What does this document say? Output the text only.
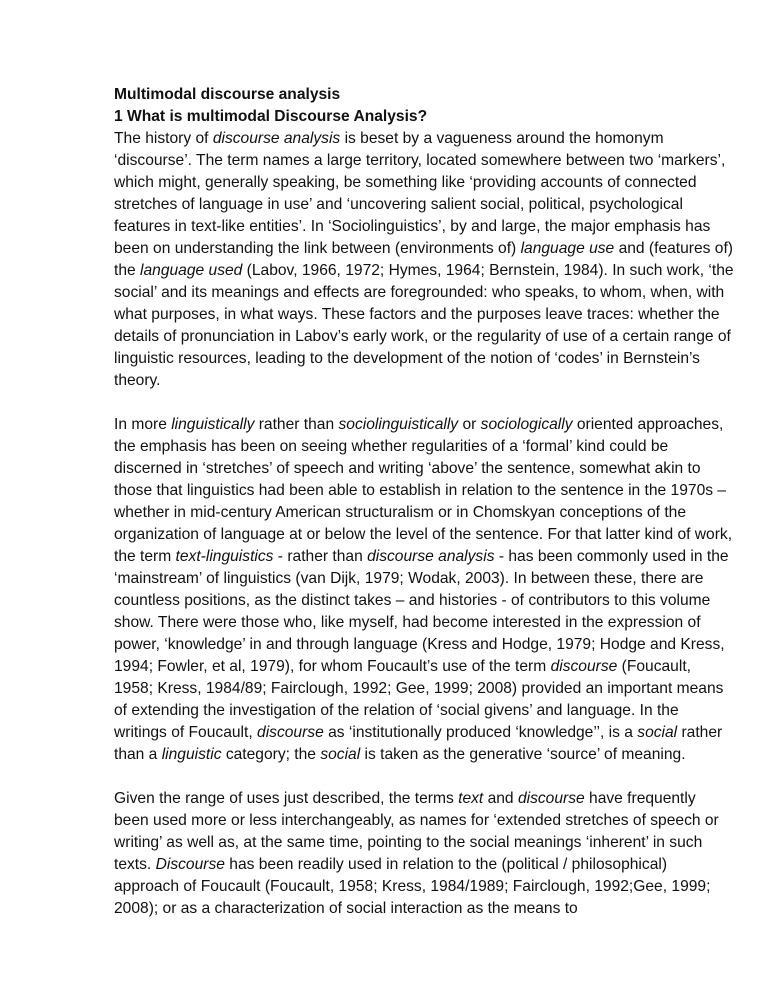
Multimodal discourse analysis
1 What is multimodal Discourse Analysis?

The history of discourse analysis is beset by a vagueness around the homonym ‘discourse’. The term names a large territory, located somewhere between two ‘markers’, which might, generally speaking, be something like ‘providing accounts of connected stretches of language in use’ and ‘uncovering salient social, political, psychological features in text-like entities’. In ‘Sociolinguistics’, by and large, the major emphasis has been on understanding the link between (environments of) language use and (features of) the language used (Labov, 1966, 1972; Hymes, 1964; Bernstein, 1984). In such work, ‘the social’ and its meanings and effects are foregrounded: who speaks, to whom, when, with what purposes, in what ways. These factors and the purposes leave traces: whether the details of pronunciation in Labov’s early work, or the regularity of use of a certain range of linguistic resources, leading to the development of the notion of ‘codes’ in Bernstein’s theory.

In more linguistically rather than sociolinguistically or sociologically oriented approaches, the emphasis has been on seeing whether regularities of a ‘formal’ kind could be discerned in ‘stretches’ of speech and writing ‘above’ the sentence, somewhat akin to those that linguistics had been able to establish in relation to the sentence in the 1970s – whether in mid-century American structuralism or in Chomskyan conceptions of the organization of language at or below the level of the sentence. For that latter kind of work, the term text-linguistics - rather than discourse analysis - has been commonly used in the ‘mainstream’ of linguistics (van Dijk, 1979; Wodak, 2003). In between these, there are countless positions, as the distinct takes – and histories - of contributors to this volume show. There were those who, like myself, had become interested in the expression of power, ‘knowledge’ in and through language (Kress and Hodge, 1979; Hodge and Kress, 1994; Fowler, et al, 1979), for whom Foucault’s use of the term discourse (Foucault, 1958; Kress, 1984/89; Fairclough, 1992; Gee, 1999; 2008) provided an important means of extending the investigation of the relation of ‘social givens’ and language. In the writings of Foucault, discourse as ‘institutionally produced ‘knowledge’’, is a social rather than a linguistic category; the social is taken as the generative ‘source’ of meaning.

Given the range of uses just described, the terms text and discourse have frequently been used more or less interchangeably, as names for ‘extended stretches of speech or writing’ as well as, at the same time, pointing to the social meanings ‘inherent’ in such texts. Discourse has been readily used in relation to the (political / philosophical) approach of Foucault (Foucault, 1958; Kress, 1984/1989; Fairclough, 1992;Gee, 1999; 2008); or as a characterization of social interaction as the means to
